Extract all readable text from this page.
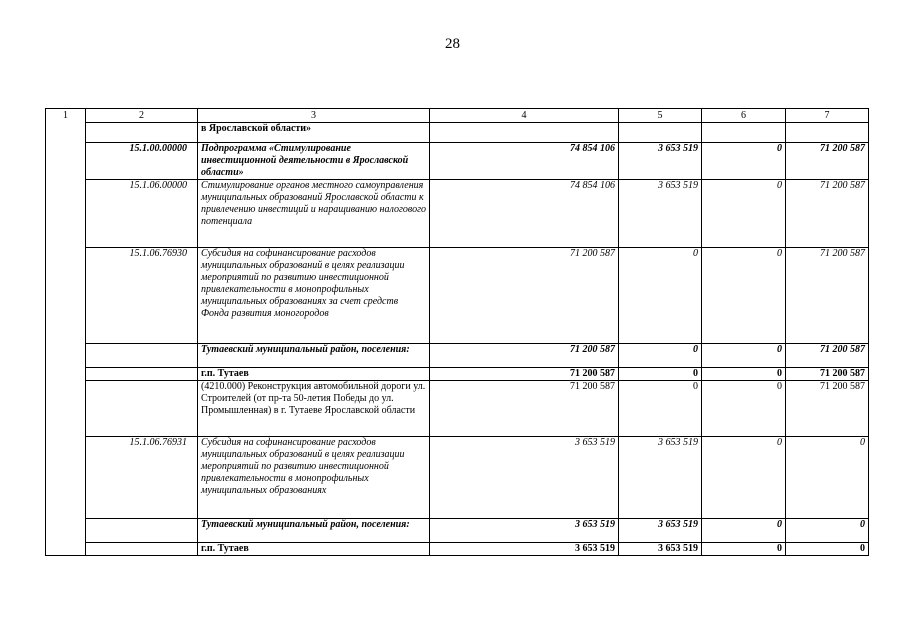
28
1	2	3	4	5	6	7
		в Ярославской области»				
	15.1.00.00000	Подпрограмма «Стимулирование инвестиционной деятельности в Ярославской области»	74 854 106	3 653 519	0	71 200 587
	15.1.06.00000	Стимулирование органов местного самоуправления муниципальных образований Ярославской области к привлечению инвестиций и наращиванию налогового потенциала	74 854 106	3 653 519	0	71 200 587
	15.1.06.76930	Субсидия на софинансирование расходов муниципальных образований в целях реализации мероприятий по развитию инвестиционной привлекательности в монопрофильных муниципальных образованиях за счет средств Фонда развития моногородов	71 200 587	0	0	71 200 587
		Тутаевский муниципальный район, поселения:	71 200 587	0	0	71 200 587
		г.п. Тутаев	71 200 587	0	0	71 200 587
		(4210.000) Реконструкция автомобильной дороги ул. Строителей (от пр-та 50-летия Победы до ул. Промышленная) в г. Тутаеве Ярославской области	71 200 587	0	0	71 200 587
	15.1.06.76931	Субсидия на софинансирование расходов муниципальных образований в целях реализации мероприятий по развитию инвестиционной привлекательности в монопрофильных муниципальных образованиях	3 653 519	3 653 519	0	0
		Тутаевский муниципальный район, поселения:	3 653 519	3 653 519	0	0
		г.п. Тутаев	3 653 519	3 653 519	0	0
